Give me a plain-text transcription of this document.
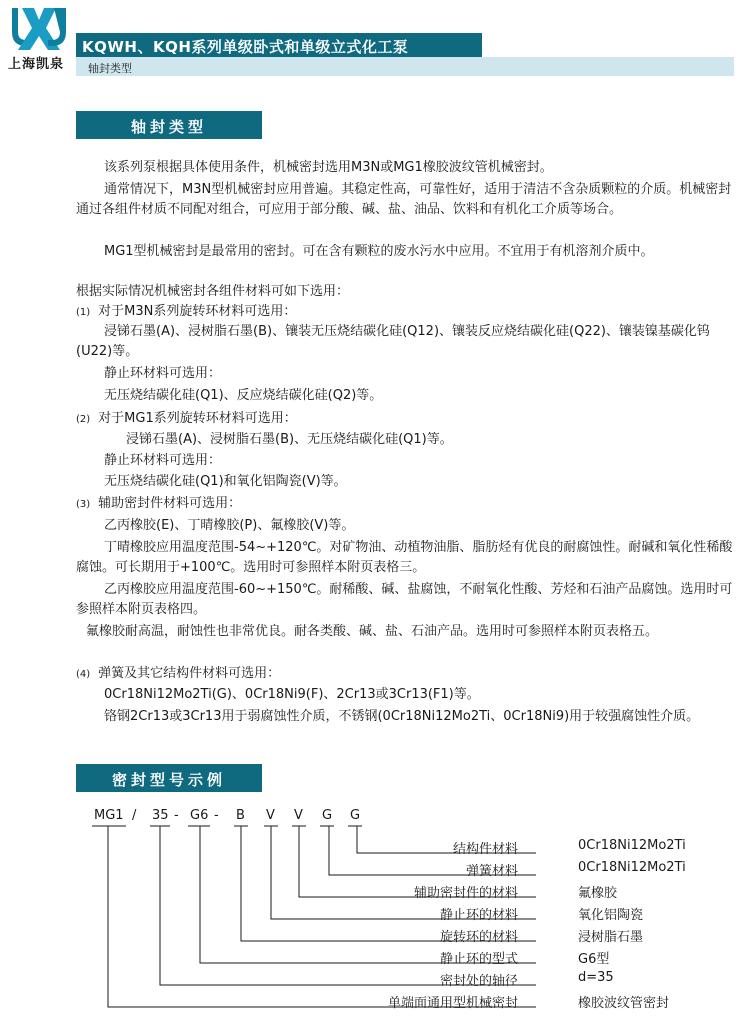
上海凯泉
KQWH、KQH系列单级卧式和单级立式化工泵
轴封类型
轴封类型
该系列泵根据具体使用条件，机械密封选用M3N或MG1橡胶波纹管机械密封。
通常情况下，M3N型机械密封应用普遍。其稳定性高，可靠性好，适用于清洁不含杂质颗粒的介质。机械密封通过各组件材质不同配对组合，可应用于部分酸、碱、盐、油品、饮料和有机化工介质等场合。
MG1型机械密封是最常用的密封。可在含有颗粒的废水污水中应用。不宜用于有机溶剂介质中。
根据实际情况机械密封各组件材料可如下选用：
(1) 对于M3N系列旋转环材料可选用：
浸锑石墨(A)、浸树脂石墨(B)、镶装无压烧结碳化硅(Q12)、镶装反应烧结碳化硅(Q22)、镶装镍基碳化钨(U22)等。
静止环材料可选用：
无压烧结碳化硅(Q1)、反应烧结碳化硅(Q2)等。
(2) 对于MG1系列旋转环材料可选用：
浸锑石墨(A)、浸树脂石墨(B)、无压烧结碳化硅(Q1)等。
静止环材料可选用：
无压烧结碳化硅(Q1)和氧化铝陶瓷(V)等。
(3) 辅助密封件材料可选用：
乙丙橡胶(E)、丁晴橡胶(P)、氟橡胶(V)等。
丁晴橡胶应用温度范围-54~+120℃。对矿物油、动植物油脂、脂肪烃有优良的耐腐蚀性。耐碱和氧化性稀酸腐蚀。可长期用于+100℃。选用时可参照样本附页表格三。
乙丙橡胶应用温度范围-60~+150℃。耐稀酸、碱、盐腐蚀，不耐氧化性酸、芳烃和石油产品腐蚀。选用时可参照样本附页表格四。
氟橡胶耐高温，耐蚀性也非常优良。耐各类酸、碱、盐、石油产品。选用时可参照样本附页表格五。
(4) 弹簧及其它结构件材料可选用：
0Cr18Ni12Mo2Ti(G)、0Cr18Ni9(F)、2Cr13或3Cr13(F1)等。
铬钢2Cr13或3Cr13用于弱腐蚀性介质，不锈钢(0Cr18Ni12Mo2Ti、0Cr18Ni9)用于较强腐蚀性介质。
密封型号示例
MG1 / 35 - G6 - B V V G G
结构件材料
弹簧材料
辅助密封件的材料
静止环的材料
旋转环的材料
静止环的型式
密封处的轴径
单端面通用型机械密封
0Cr18Ni12Mo2Ti
0Cr18Ni12Mo2Ti
氟橡胶
氧化铝陶瓷
浸树脂石墨
G6型
d=35
橡胶波纹管密封
